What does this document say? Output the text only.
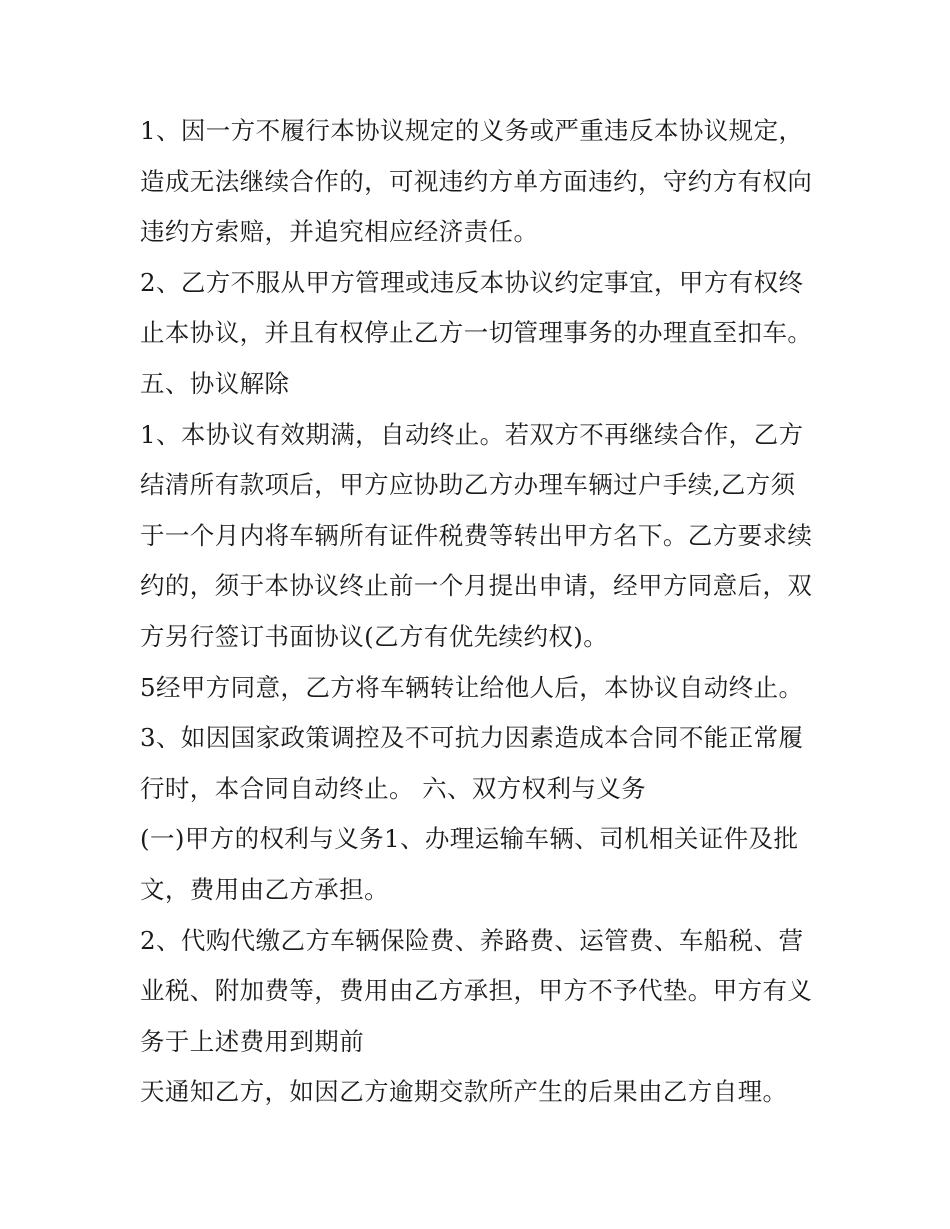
1、因一方不履行本协议规定的义务或严重违反本协议规定，
造成无法继续合作的，可视违约方单方面违约，守约方有权向
违约方索赔，并追究相应经济责任。
2、乙方不服从甲方管理或违反本协议约定事宜，甲方有权终
止本协议，并且有权停止乙方一切管理事务的办理直至扣车。
五、协议解除
1、本协议有效期满，自动终止。若双方不再继续合作，乙方
结清所有款项后，甲方应协助乙方办理车辆过户手续,乙方须
于一个月内将车辆所有证件税费等转出甲方名下。乙方要求续
约的，须于本协议终止前一个月提出申请，经甲方同意后，双
方另行签订书面协议(乙方有优先续约权)。
5经甲方同意，乙方将车辆转让给他人后，本协议自动终止。
3、如因国家政策调控及不可抗力因素造成本合同不能正常履
行时，本合同自动终止。 六、双方权利与义务
(一)甲方的权利与义务1、办理运输车辆、司机相关证件及批
文，费用由乙方承担。
2、代购代缴乙方车辆保险费、养路费、运管费、车船税、营
业税、附加费等，费用由乙方承担，甲方不予代垫。甲方有义
务于上述费用到期前
天通知乙方，如因乙方逾期交款所产生的后果由乙方自理。
